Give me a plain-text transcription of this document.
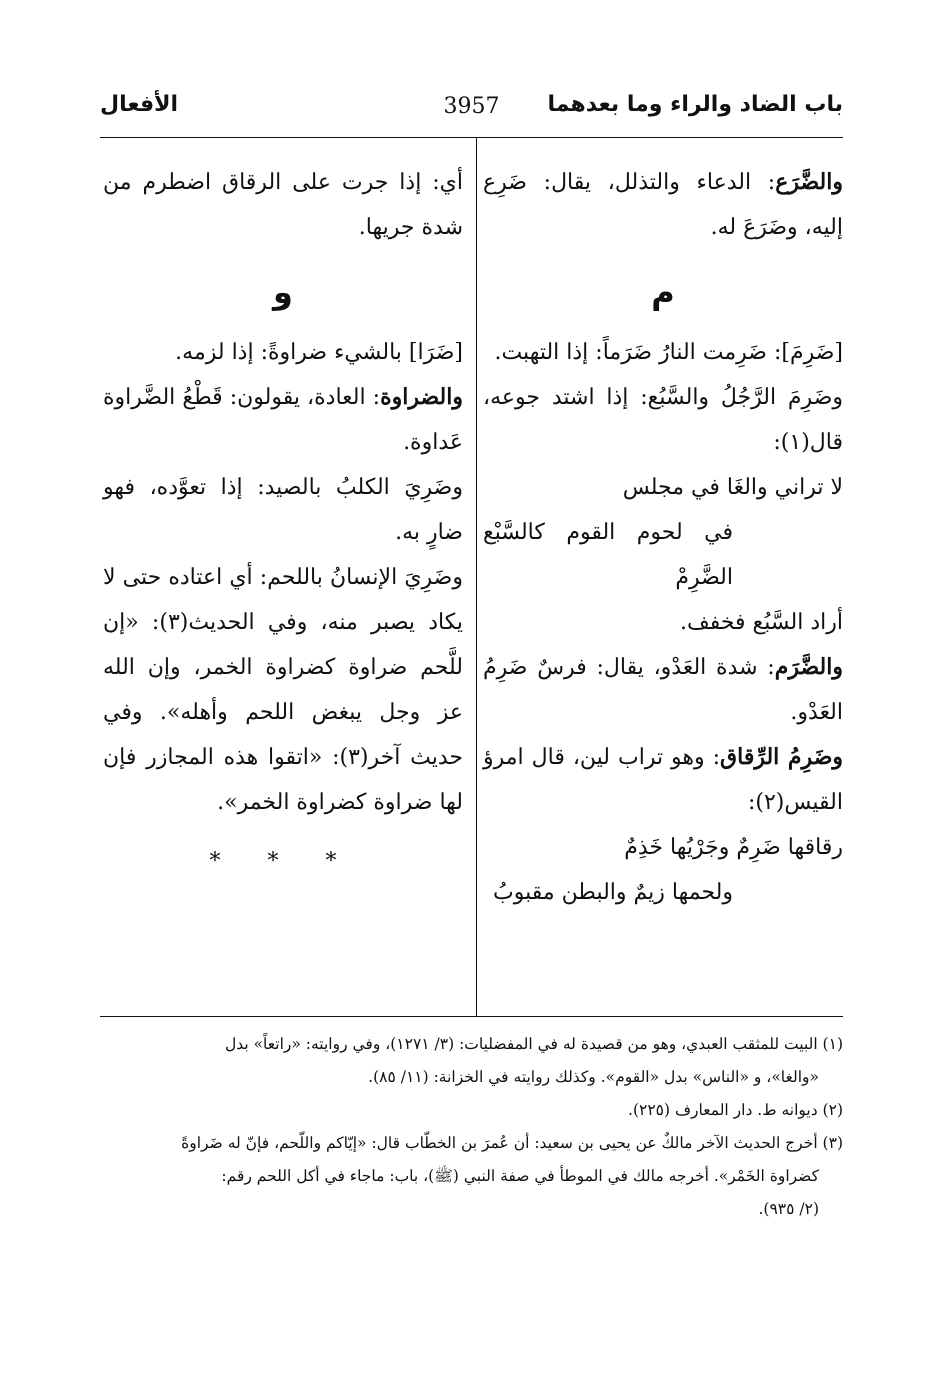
باب الضاد والراء وما بعدهما
3957
الأفعال

والضَّرَع: الدعاء والتذلل، يقال: ضَرِع إليه، وضَرَعَ له.

م

[ضَرِمَ]: ضَرِمت النارُ ضَرَماً: إذا التهبت.

وضَرِمَ الرَّجُلُ والسَّبُع: إذا اشتد جوعه، قال(١):

لا تراني والغَا في مجلس

في لحوم القوم كالسَّبْع الضَّرِمْ

أراد السَّبُع فخفف.

والضَّرَم: شدة العَدْو، يقال: فرسٌ ضَرِمُ العَدْو.

وضَرِمُ الرِّقاق: وهو تراب لين، قال امرؤ القيس(٢):

رقاقها ضَرِمٌ وجَرْيُها خَذِمٌ

ولحمها زيمٌ والبطن مقبوبُ

أي: إذا جرت على الرقاق اضطرم من شدة جريها.

و

[ضَرَا] بالشيء ضراوةً: إذا لزمه.

والضراوة: العادة، يقولون: قَطْعُ الضَّراوة عَداوة.

وضَرِيَ الكلبُ بالصيد: إذا تعوَّده، فهو ضارٍ به.

وضَرِيَ الإنسانُ باللحم: أي اعتاده حتى لا يكاد يصبر منه، وفي الحديث(٣): «إن للَّحم ضراوة كضراوة الخمر، وإن الله عز وجل يبغض اللحم وأهله». وفي حديث آخر(٣): «اتقوا هذه المجازر فإن لها ضراوة كضراوة الخمر».

* * *

(١) البيت للمثقب العبدي، وهو من قصيدة له في المفضليات: (٣/ ١٢٧١)، وفي روايته: «راتعاً» بدل

«والغا»، و «الناس» بدل «القوم». وكذلك روايته في الخزانة: (١١/ ٨٥).

(٢) ديوانه ط. دار المعارف (٢٢٥).

(٣) أخرج الحديث الآخر مالكٌ عن يحيى بن سعيد: أن عُمرَ بن الخطّاب قال: «إيّاكم واللّحم، فإنّ له ضَراوةً

كضراوة الخَمْر». أخرجه مالك في الموطأ في صفة النبي (ﷺ)، باب: ماجاء في أكل اللحم رقم:

(٢/ ٩٣٥).
